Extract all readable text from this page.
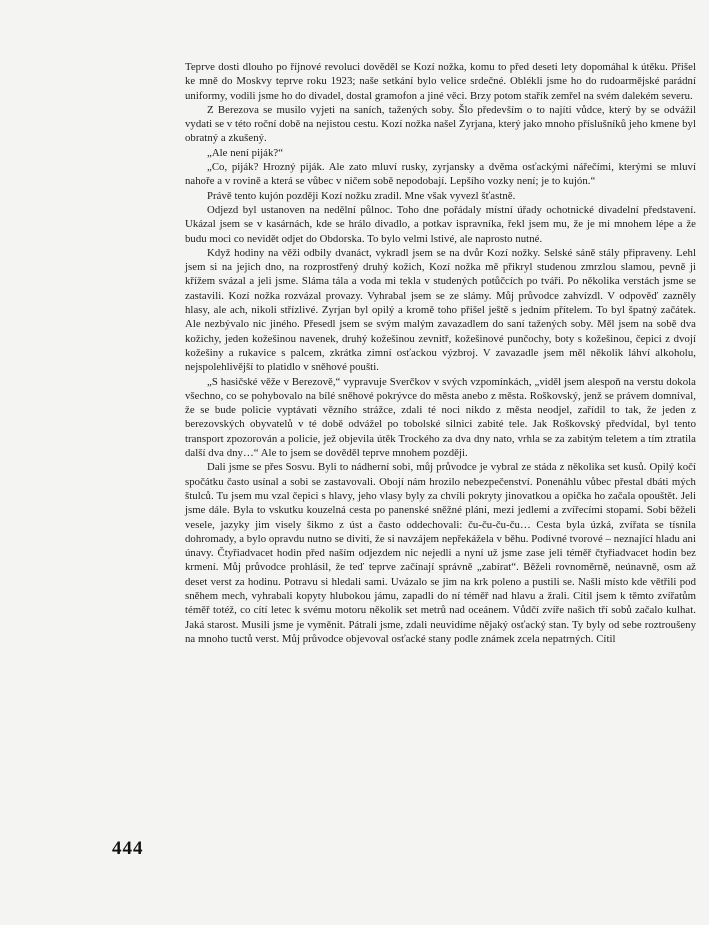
Teprve dosti dlouho po říjnové revoluci dověděl se Kozí nožka, komu to před deseti lety dopomáhal k útěku. Přišel ke mně do Moskvy teprve roku 1923; naše setkání bylo velice srdečné. Oblékli jsme ho do rudoarmějské parádní uniformy, vodili jsme ho do divadel, dostal gramofon a jiné věci. Brzy potom stařík zemřel na svém dalekém severu.

Z Berezova se musilo vyjeti na saních, tažených soby. Šlo především o to najíti vůdce, který by se odvážil vydati se v této roční době na nejistou cestu. Kozí nožka našel Zyrjana, který jako mnoho příslušníků jeho kmene byl obratný a zkušený.

„Ale není piják?“

„Co, piják? Hrozný piják. Ale zato mluví rusky, zyrjansky a dvěma osťackými nářečími, kterými se mluví nahoře a v rovině a která se vůbec v ničem sobě nepodobají. Lepšího vozky není; je to kujón.“

Právě tento kujón později Kozí nožku zradil. Mne však vyvezl šťastně.

Odjezd byl ustanoven na nedělní půlnoc. Toho dne pořádaly místní úřady ochotnické divadelní představení. Ukázal jsem se v kasárnách, kde se hrálo divadlo, a potkav ispravníka, řekl jsem mu, že je mi mnohem lépe a že budu moci co nevidět odjet do Obdorska. To bylo velmi lstivé, ale naprosto nutné.

Když hodiny na věži odbily dvanáct, vykradl jsem se na dvůr Kozí nožky. Selské sáně stály připraveny. Lehl jsem si na jejich dno, na rozprostřený druhý kožich, Kozí nožka mě přikryl studenou zmrzlou slamou, pevně ji křížem svázal a jeli jsme. Sláma tála a voda mi tekla v studených potůčcích po tváři. Po několika verstách jsme se zastavili. Kozí nožka rozvázal provazy. Vyhrabal jsem se ze slámy. Můj průvodce zahvízdl. V odpověď zazněly hlasy, ale ach, nikoli střízlivé. Zyrjan byl opilý a kromě toho přišel ještě s jedním přítelem. To byl špatný začátek. Ale nezbývalo nic jiného. Přesedl jsem se svým malým zavazadlem do saní tažených soby. Měl jsem na sobě dva kožichy, jeden kožešinou navenek, druhý kožešinou zevnitř, kožešinové punčochy, boty s kožešinou, čepici z dvojí kožešiny a rukavice s palcem, zkrátka zimní osťackou výzbroj. V zavazadle jsem měl několik láhví alkoholu, nejspolehlivější to platidlo v sněhové poušti.

„S hasičské věže v Berezově,“ vypravuje Sverčkov v svých vzpomínkách, „viděl jsem alespoň na verstu dokola všechno, co se pohybovalo na bílé sněhové pokrývce do města anebo z města. Roškovský, jenž se právem domníval, že se bude policie vyptávati vězního strážce, zdali té noci nikdo z města neodjel, zařídil to tak, že jeden z berezovských obyvatelů v té době odvážel po tobolské silnici zabité tele. Jak Roškovský předvídal, byl tento transport zpozorován a policie, jež objevila útěk Trockého za dva dny nato, vrhla se za zabitým teletem a tím ztratila další dva dny…“ Ale to jsem se dověděl teprve mnohem později.

Dali jsme se přes Sosvu. Byli to nádherní sobi, můj průvodce je vybral ze stáda z několika set kusů. Opilý kočí spočátku často usínal a sobi se zastavovali. Obojí nám hrozilo nebezpečenství. Ponenáhlu vůbec přestal dbáti mých štulců. Tu jsem mu vzal čepici s hlavy, jeho vlasy byly za chvíli pokryty jinovatkou a opička ho začala opouštět. Jeli jsme dále. Byla to vskutku kouzelná cesta po panenské sněžné pláni, mezi jedlemi a zvířecími stopami. Sobi běželi vesele, jazyky jim visely šikmo z úst a často oddechovali: ču-ču-ču-ču… Cesta byla úzká, zvířata se tísnila dohromady, a bylo opravdu nutno se diviti, že si navzájem nepřekážela v běhu. Podivné tvorové – neznající hladu ani únavy. Čtyřiadvacet hodin před naším odjezdem nic nejedli a nyní už jsme zase jeli téměř čtyřiadvacet hodin bez krmení. Můj průvodce prohlásil, že teď teprve začínají správně „zabírat“. Běželi rovnoměrně, neúnavně, osm až deset verst za hodinu. Potravu si hledali sami. Uvázalo se jim na krk poleno a pustili se. Našli místo kde větřili pod sněhem mech, vyhrabali kopyty hlubokou jámu, zapadli do ní téměř nad hlavu a žrali. Cítil jsem k těmto zvířatům téměř totéž, co cítí letec k svému motoru několik set metrů nad oceánem. Vůdčí zvíře našich tří sobů začalo kulhat. Jaká starost. Musili jsme je vyměnit. Pátrali jsme, zdali neuvidíme nějaký osťacký stan. Ty byly od sebe roztroušeny na mnoho tuctů verst. Můj průvodce objevoval osťacké stany podle známek zcela nepatrných. Cítil

444
